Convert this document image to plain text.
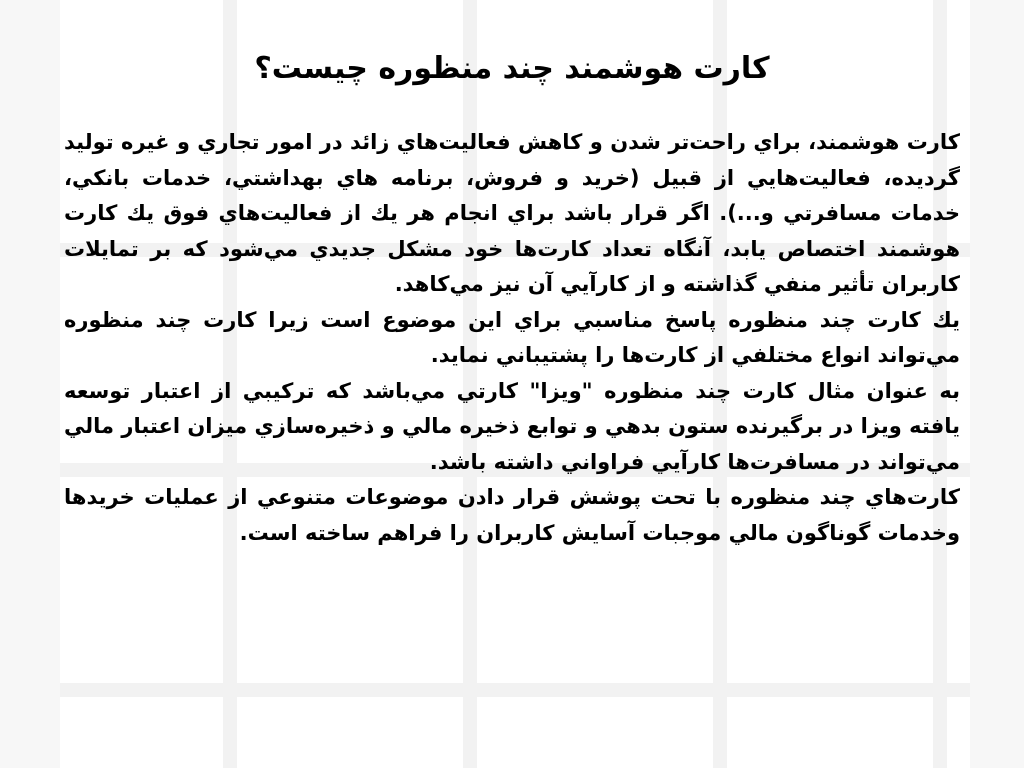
کارت هوشمند چند منظوره چيست؟

کارت هوشمند، براي راحت‌تر شدن و کاهش فعاليت‌هاي زائد در امور تجاري و غيره توليد گرديده، فعاليت‌هايي از قبيل (خريد و فروش، برنامه هاي بهداشتي، خدمات بانکي، خدمات مسافرتي و...). اگر قرار باشد براي انجام هر يك از فعاليت‌هاي فوق يك کارت هوشمند اختصاص يابد، آنگاه تعداد کارت‌ها خود مشکل جديدي مي‌شود که بر تمايلات کاربران تأثير منفي گذاشته و از کارآيي آن نيز مي‌کاهد.

يك کارت چند منظوره پاسخ مناسبي براي اين موضوع است زيرا کارت چند منظوره مي‌تواند انواع مختلفي از کارت‌ها را پشتيباني نمايد.

به عنوان مثال کارت چند منظوره "ويزا" کارتي مي‌باشد که ترکيبي از اعتبار توسعه يافته ويزا در برگيرنده ستون بدهي و توابع ذخيره مالي و ذخيره‌سازي ميزان اعتبار مالي مي‌تواند در مسافرت‌ها کارآيي فراواني داشته باشد.

کارت‌هاي چند منظوره با تحت پوشش قرار دادن موضوعات متنوعي از عمليات خريدها وخدمات گوناگون مالي موجبات آسايش کاربران را فراهم ساخته است.
